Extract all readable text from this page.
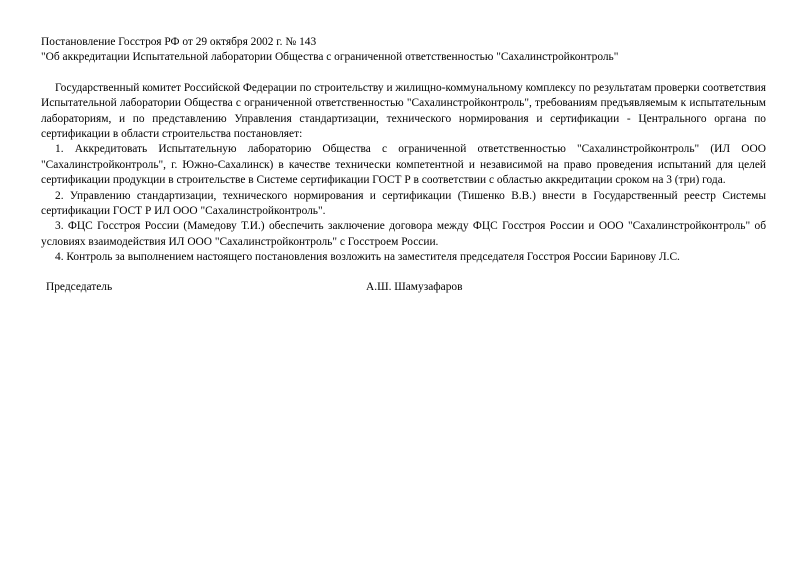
Постановление Госстроя РФ от 29 октября 2002 г. № 143

"Об аккредитации Испытательной лаборатории Общества с ограниченной ответственностью "Сахалинстройконтроль"

Государственный комитет Российской Федерации по строительству и жилищно-коммунальному комплексу по результатам проверки соответствия Испытательной лаборатории Общества с ограниченной ответственностью "Сахалинстройконтроль", требованиям предъявляемым к испытательным лабораториям, и по представлению Управления стандартизации, технического нормирования и сертификации - Центрального органа по сертификации в области строительства постановляет:

1. Аккредитовать Испытательную лабораторию Общества с ограниченной ответственностью "Сахалинстройконтроль" (ИЛ ООО "Сахалинстройконтроль", г. Южно-Сахалинск) в качестве технически компетентной и независимой на право проведения испытаний для целей сертификации продукции в строительстве в Системе сертификации ГОСТ Р в соответствии с областью аккредитации сроком на 3 (три) года.

2. Управлению стандартизации, технического нормирования и сертификации (Тишенко В.В.) внести в Государственный реестр Системы сертификации ГОСТ Р ИЛ ООО "Сахалинстройконтроль".

3. ФЦС Госстроя России (Мамедову Т.И.) обеспечить заключение договора между ФЦС Госстроя России и ООО "Сахалинстройконтроль" об условиях взаимодействия ИЛ ООО "Сахалинстройконтроль" с Госстроем России.

4. Контроль за выполнением настоящего постановления возложить на заместителя председателя Госстроя России Баринову Л.С.

Председатель	А.Ш. Шамузафаров
